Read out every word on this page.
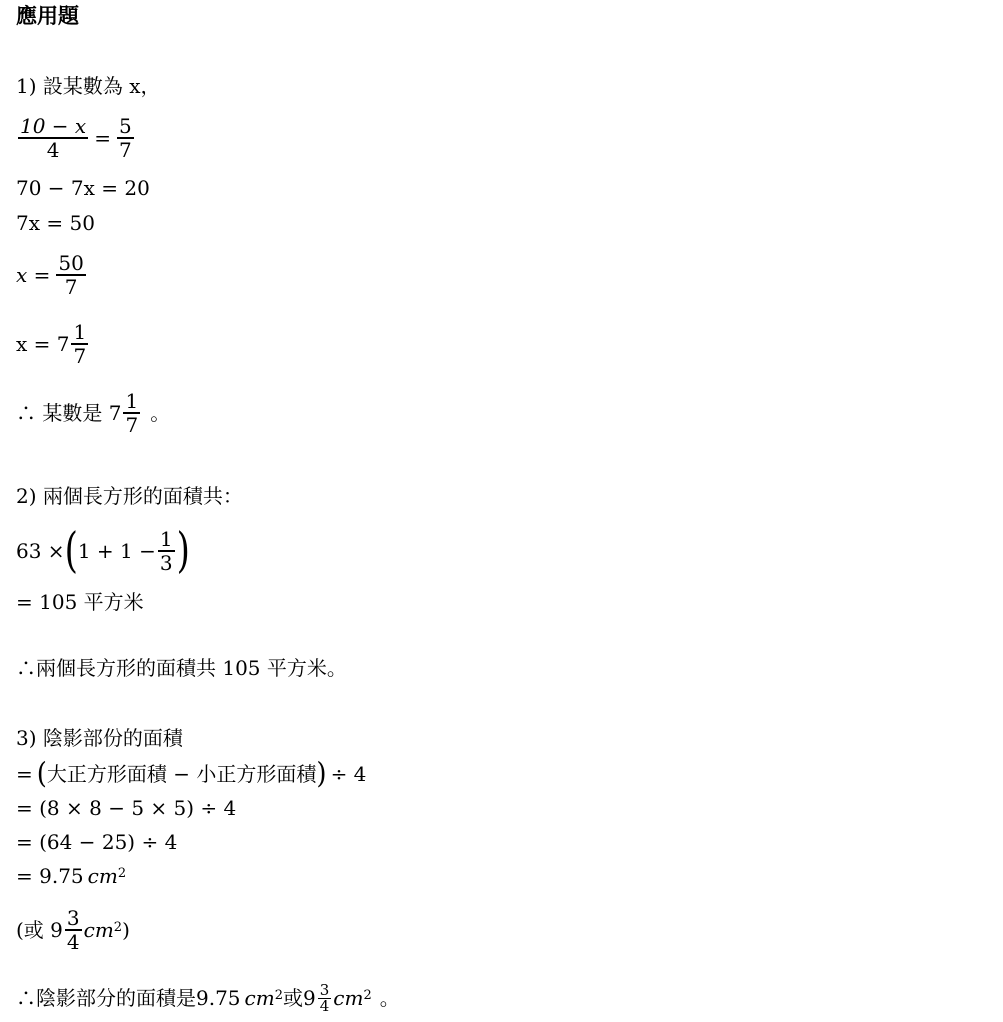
應用題
1) 設某數為 x，
$\frac{10 - x}{4} = \frac{5}{7}$
70 − 7x = 20
7x = 50
$x = \frac{50}{7}$
$x = 7 \frac{1}{7}$
∴ 某數是 $7 \frac{1}{7}$ 。
2) 兩個長方形的面積共：
63 × ( $1 + 1 - \frac{1}{3}$ )
= 105 平方米
∴兩個長方形的面積共 105 平方米。
3) 陰影部份的面積
= ( 大正方形面積 − 小正方形面積 ) ÷ 4
= (8 × 8 − 5 × 5) ÷ 4
= (64 − 25) ÷ 4
= 9.75 $cm^2$
(或 $9 \frac{3}{4} cm^2$ )
∴陰影部分的面積是9.75 $cm^2$ 或$9 \frac{3}{4} cm^2$ 。
